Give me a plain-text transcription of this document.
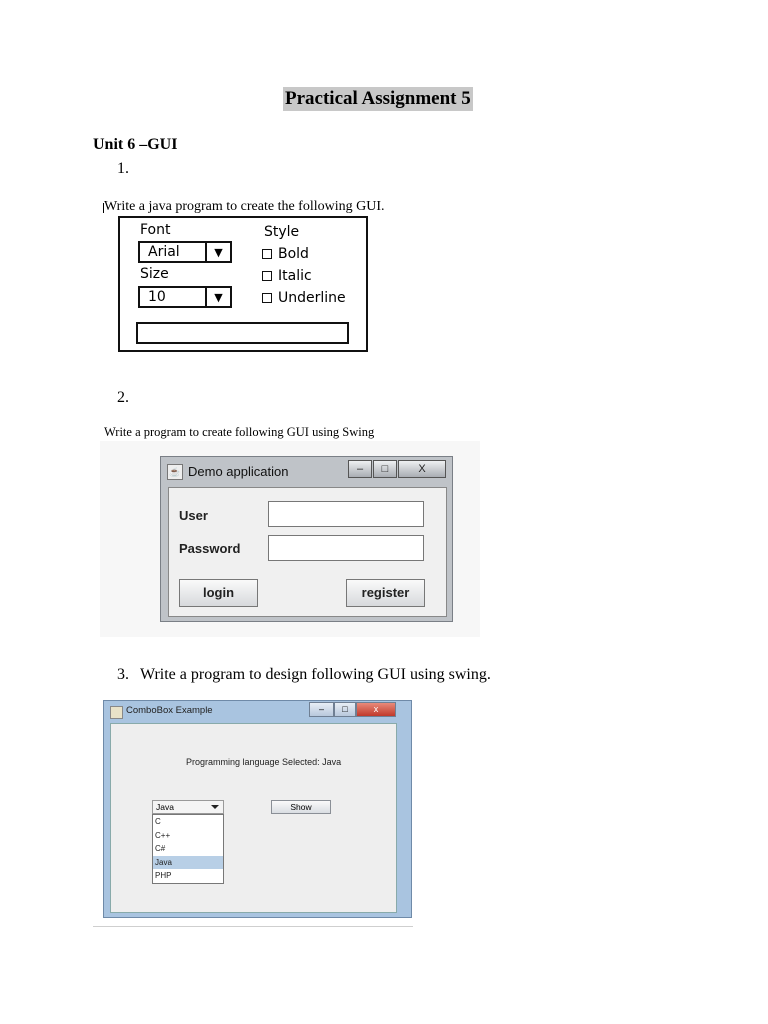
Practical Assignment 5
Unit 6 –GUI
1.
Write a java program to create the following GUI.
Font
Arial	▼
Size
10	▼
Style
Bold
Italic
Underline
2.
Write a program to create following GUI using Swing
☕ Demo application	–	□	X
User
Password
login	register
3. Write a program to design following GUI using swing.
ComboBox Example	–	□	x
Programming language Selected: Java
Java
C
C++
C#
Java
PHP
Show
